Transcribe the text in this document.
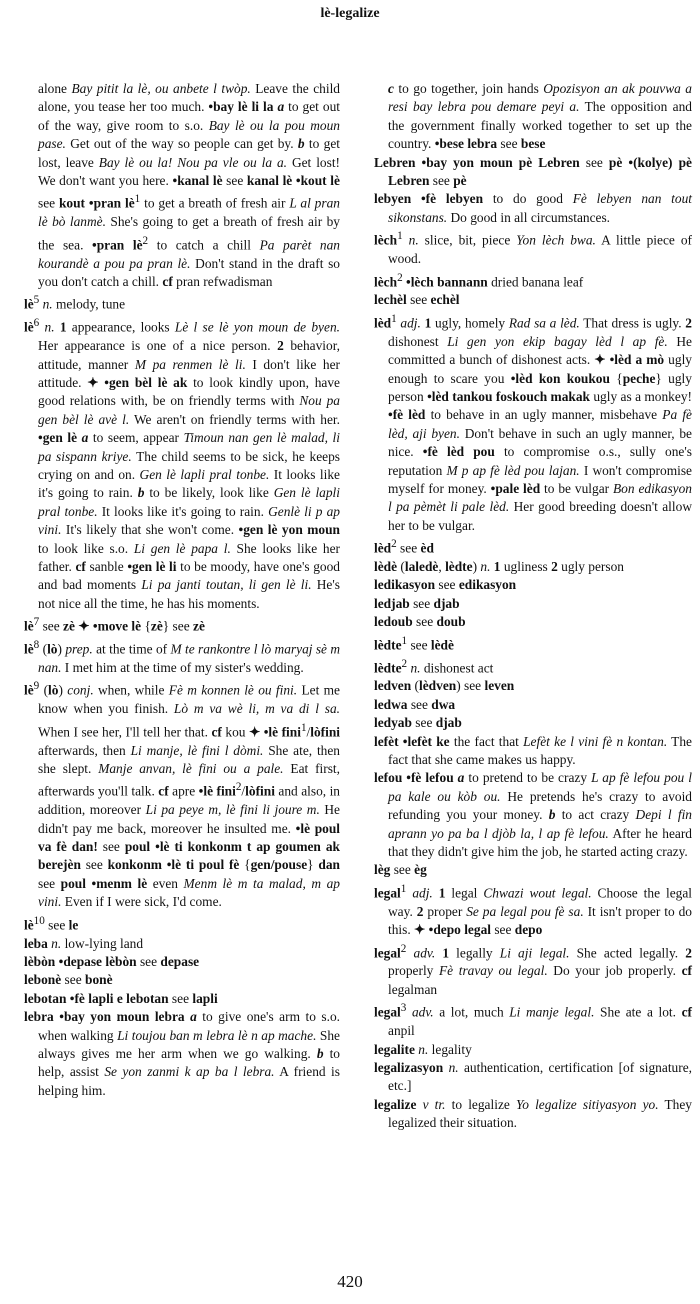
lè-legalize

alone Bay pitit la lè, ou anbete l twòp. Leave the child alone, you tease her too much. •bay lè li la a to get out of the way, give room to s.o. Bay lè ou la pou moun pase. Get out of the way so people can get by. b to get lost, leave Bay lè ou la! Nou pa vle ou la a. Get lost! We don't want you here. •kanal lè see kanal lè •kout lè see kout •pran $lè^1$ to get a breath of fresh air L al pran lè bò lanmè. She's going to get a breath of fresh air by the sea. •pran $lè^2$ to catch a chill Pa parèt nan kourandè a pou pa pran lè. Don't stand in the draft so you don't catch a chill. cf pran refwadisman

$lè^5$ n. melody, tune

$lè^6$ n. 1 appearance, looks Lè l se lè yon moun de byen. Her appearance is one of a nice person. 2 behavior, attitude, manner M pa renmen lè li. I don't like her attitude. ✦ •gen bèl lè ak to look kindly upon, have good relations with, be on friendly terms with Nou pa gen bèl lè avè l. We aren't on friendly terms with her. •gen lè a to seem, appear Timoun nan gen lè malad, li pa sispann kriye. The child seems to be sick, he keeps crying on and on. Gen lè lapli pral tonbe. It looks like it's going to rain. b to be likely, look like Gen lè lapli pral tonbe. It looks like it's going to rain. Genlè li p ap vini. It's likely that she won't come. •gen lè yon moun to look like s.o. Li gen lè papa l. She looks like her father. cf sanble •gen lè li to be moody, have one's good and bad moments Li pa janti toutan, li gen lè li. He's not nice all the time, he has his moments.

$lè^7$ see zè ✦ •move lè {zè} see zè

$lè^8$ (lò) prep. at the time of M te rankontre l lò maryaj sè m nan. I met him at the time of my sister's wedding.

$lè^9$ (lò) conj. when, while Fè m konnen lè ou fini. Let me know when you finish. Lò m va wè li, m va di l sa. When I see her, I'll tell her that. cf kou ✦ •lè fini$^1$/lòfini afterwards, then Li manje, lè fini l dòmi. She ate, then she slept. Manje anvan, lè fini ou a pale. Eat first, afterwards you'll talk. cf apre •lè fini$^2$/lòfini and also, in addition, moreover Li pa peye m, lè fini li joure m. He didn't pay me back, moreover he insulted me. •lè poul va fè dan! see poul •lè ti konkonm t ap goumen ak berejèn see konkonm •lè ti poul fè {gen/pouse} dan see poul •menm lè even Menm lè m ta malad, m ap vini. Even if I were sick, I'd come.

$lè^{10}$ see le

leba n. low-lying land

lèbòn •depase lèbòn see depase

lebonè see bonè

lebotan •fè lapli e lebotan see lapli

lebra •bay yon moun lebra a to give one's arm to s.o. when walking Li toujou ban m lebra lè n ap mache. She always gives me her arm when we go walking. b to help, assist Se yon zanmi k ap ba l lebra. A friend is helping him.

c to go together, join hands Opozisyon an ak pouvwa a resi bay lebra pou demare peyi a. The opposition and the government finally worked together to set up the country. •bese lebra see bese

Lebren •bay yon moun pè Lebren see pè •(kolye) pè Lebren see pè

lebyen •fè lebyen to do good Fè lebyen nan tout sikonstans. Do good in all circumstances.

lèch$^1$ n. slice, bit, piece Yon lèch bwa. A little piece of wood.

lèch$^2$ •lèch bannann dried banana leaf

lechèl see echèl

lèd$^1$ adj. 1 ugly, homely Rad sa a lèd. That dress is ugly. 2 dishonest Li gen yon ekip bagay lèd l ap fè. He committed a bunch of dishonest acts. ✦ •lèd a mò ugly enough to scare you •lèd kon koukou {peche} ugly person •lèd tankou foskouch makak ugly as a monkey! •fè lèd to behave in an ugly manner, misbehave Pa fè lèd, aji byen. Don't behave in such an ugly manner, be nice. •fè lèd pou to compromise o.s., sully one's reputation M p ap fè lèd pou lajan. I won't compromise myself for money. •pale lèd to be vulgar Bon edikasyon l pa pèmèt li pale lèd. Her good breeding doesn't allow her to be vulgar.

lèd$^2$ see èd

lèdè (laledè, lèdte) n. 1 ugliness 2 ugly person

ledikasyon see edikasyon

ledjab see djab

ledoub see doub

lèdte$^1$ see lèdè

lèdte$^2$ n. dishonest act

ledven (lèdven) see leven

ledwa see dwa

ledyab see djab

lefèt •lefèt ke the fact that Lefèt ke l vini fè n kontan. The fact that she came makes us happy.

lefou •fè lefou a to pretend to be crazy L ap fè lefou pou l pa kale ou kòb ou. He pretends he's crazy to avoid refunding you your money. b to act crazy Depi l fin aprann yo pa ba l djòb la, l ap fè lefou. After he heard that they didn't give him the job, he started acting crazy.

lèg see èg

legal$^1$ adj. 1 legal Chwazi wout legal. Choose the legal way. 2 proper Se pa legal pou fè sa. It isn't proper to do this. ✦ •depo legal see depo

legal$^2$ adv. 1 legally Li aji legal. She acted legally. 2 properly Fè travay ou legal. Do your job properly. cf legalman

legal$^3$ adv. a lot, much Li manje legal. She ate a lot. cf anpil

legalite n. legality

legalizasyon n. authentication, certification [of signature, etc.]

legalize v tr. to legalize Yo legalize sitiyasyon yo. They legalized their situation.

420
